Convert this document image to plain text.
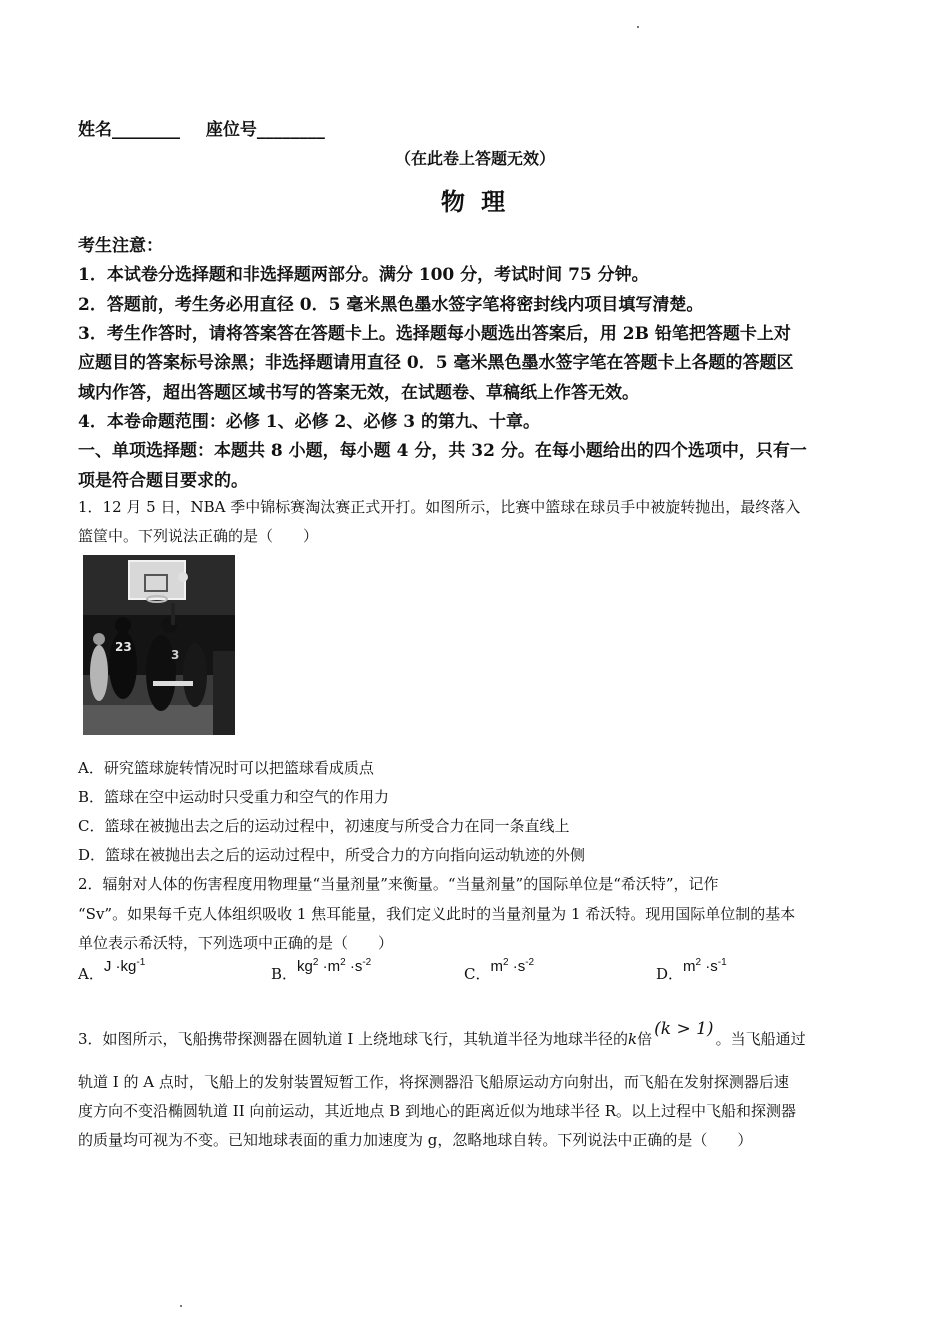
姓名________ 座位号________
（在此卷上答题无效）
物 理
考生注意：
1．本试卷分选择题和非选择题两部分。满分 100 分，考试时间 75 分钟。
2．答题前，考生务必用直径 0．5 毫米黑色墨水签字笔将密封线内项目填写清楚。
3．考生作答时，请将答案答在答题卡上。选择题每小题选出答案后，用 2B 铅笔把答题卡上对
应题目的答案标号涂黑；非选择题请用直径 0．5 毫米黑色墨水签字笔在答题卡上各题的答题区
域内作答，超出答题区域书写的答案无效，在试题卷、草稿纸上作答无效。
4．本卷命题范围：必修 1、必修 2、必修 3 的第九、十章。
一、单项选择题：本题共 8 小题，每小题 4 分，共 32 分。在每小题给出的四个选项中，只有一
项是符合题目要求的。
1．12 月 5 日，NBA 季中锦标赛淘汰赛正式开打。如图所示，比赛中篮球在球员手中被旋转抛出，最终落入
篮筐中。下列说法正确的是（　　）
23
3
A．研究篮球旋转情况时可以把篮球看成质点
B．篮球在空中运动时只受重力和空气的作用力
C．篮球在被抛出去之后的运动过程中，初速度与所受合力在同一条直线上
D．篮球在被抛出去之后的运动过程中，所受合力的方向指向运动轨迹的外侧
2．辐射对人体的伤害程度用物理量“当量剂量”来衡量。“当量剂量”的国际单位是“希沃特”，记作
“Sv”。如果每千克人体组织吸收 1 焦耳能量，我们定义此时的当量剂量为 1 希沃特。现用国际单位制的基本
单位表示希沃特，下列选项中正确的是（　　）
A．$J \cdot kg^{-1}$
B．$kg^2 \cdot m^2 \cdot s^{-2}$
C．$m^2 \cdot s^{-2}$
D．$m^2 \cdot s^{-1}$
3．如图所示，飞船携带探测器在圆轨道 I 上绕地球飞行，其轨道半径为地球半径的k倍 (k > 1) 。当飞船通过
轨道 I 的 A 点时，飞船上的发射装置短暂工作，将探测器沿飞船原运动方向射出，而飞船在发射探测器后速
度方向不变沿椭圆轨道 II 向前运动，其近地点 B 到地心的距离近似为地球半径 R。以上过程中飞船和探测器
的质量均可视为不变。已知地球表面的重力加速度为 g，忽略地球自转。下列说法中正确的是（　　）
